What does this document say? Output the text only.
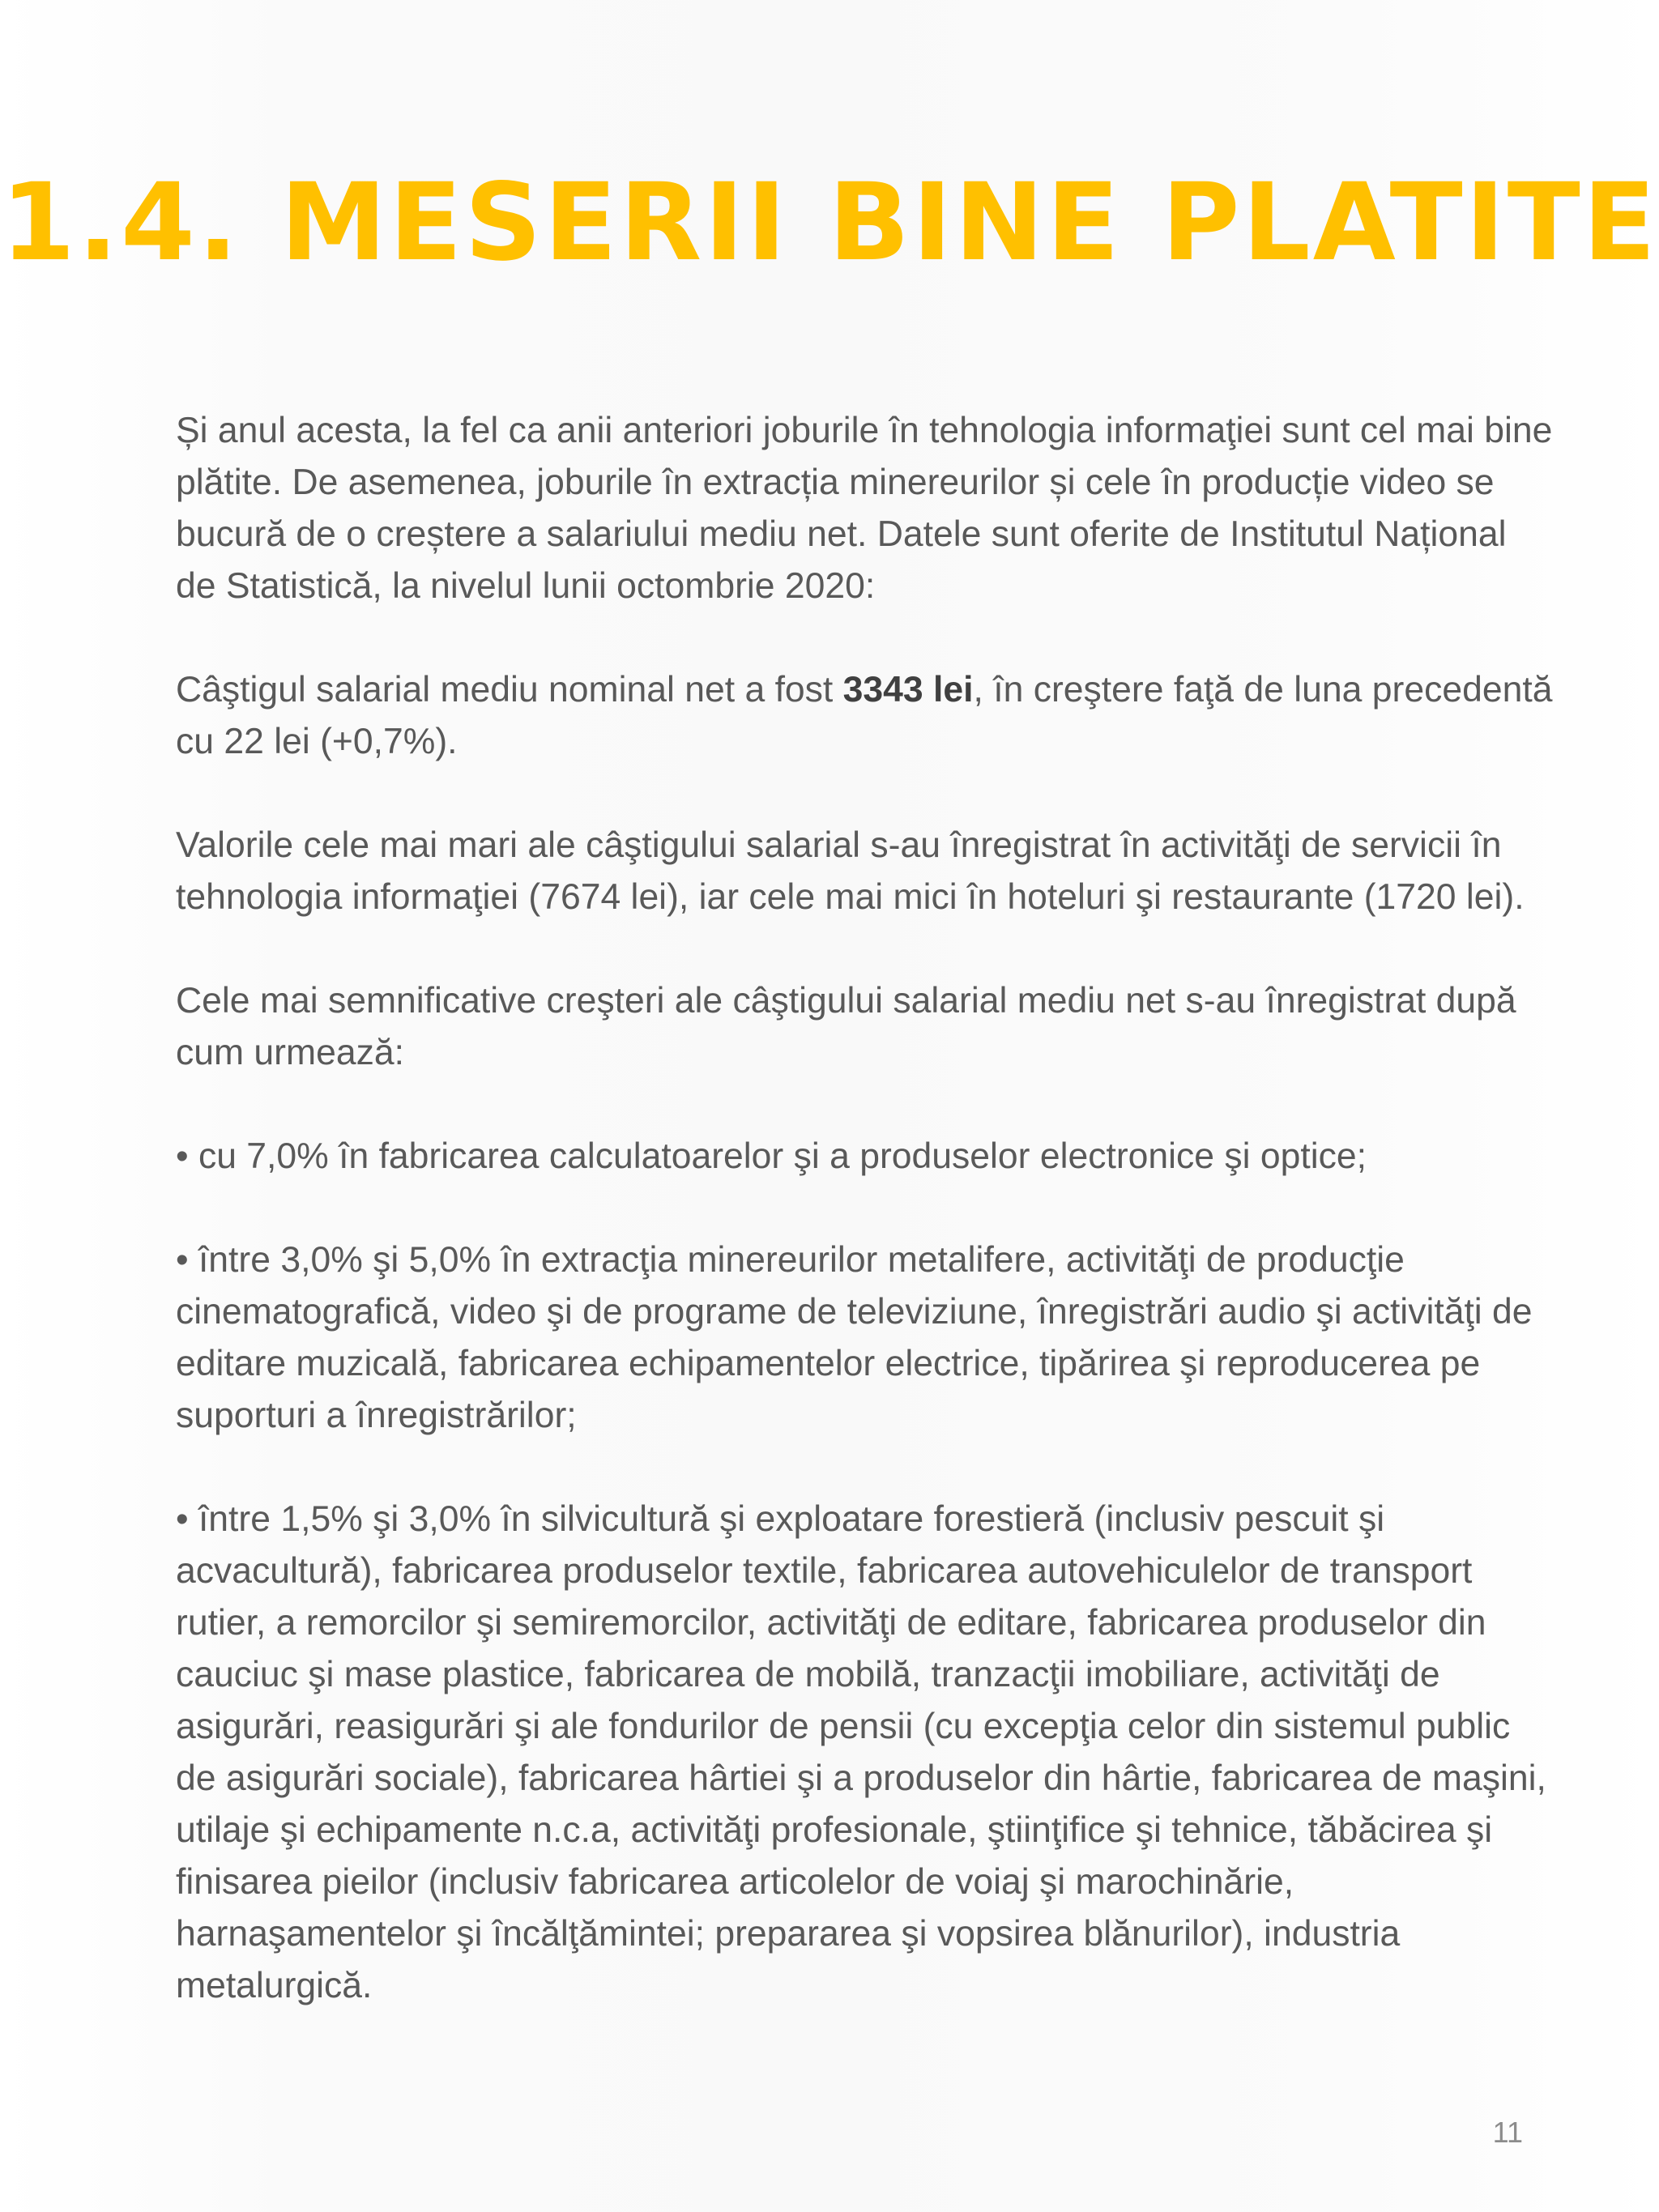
1.4. MESERII BINE PLATITE

Și anul acesta, la fel ca anii anteriori joburile în tehnologia informaţiei sunt cel mai bine plătite. De asemenea, joburile în extracția minereurilor și cele în producție video se bucură de o creștere a salariului mediu net. Datele sunt oferite de Institutul Național de Statistică, la nivelul lunii octombrie 2020:

Câştigul salarial mediu nominal net a fost 3343 lei, în creştere faţă de luna precedentă cu 22 lei (+0,7%).

Valorile cele mai mari ale câştigului salarial s-au înregistrat în activităţi de servicii în tehnologia informaţiei (7674 lei), iar cele mai mici în hoteluri şi restaurante (1720 lei).

Cele mai semnificative creşteri ale câştigului salarial mediu net s-au înregistrat după cum urmează:

• cu 7,0% în fabricarea calculatoarelor şi a produselor electronice şi optice;

• între 3,0% şi 5,0% în extracţia minereurilor metalifere, activităţi de producţie cinematografică, video şi de programe de televiziune, înregistrări audio şi activităţi de editare muzicală, fabricarea echipamentelor electrice, tipărirea şi reproducerea pe suporturi a înregistrărilor;

• între 1,5% şi 3,0% în silvicultură şi exploatare forestieră (inclusiv pescuit şi acvacultură), fabricarea produselor textile, fabricarea autovehiculelor de transport rutier, a remorcilor şi semiremorcilor, activităţi de editare, fabricarea produselor din cauciuc şi mase plastice, fabricarea de mobilă, tranzacţii imobiliare, activităţi de asigurări, reasigurări şi ale fondurilor de pensii (cu excepţia celor din sistemul public de asigurări sociale), fabricarea hârtiei şi a produselor din hârtie, fabricarea de maşini, utilaje şi echipamente n.c.a, activităţi profesionale, ştiinţifice şi tehnice, tăbăcirea şi finisarea pieilor (inclusiv fabricarea articolelor de voiaj şi marochinărie, harnaşamentelor şi încălţămintei; prepararea şi vopsirea blănurilor), industria metalurgică.

11
